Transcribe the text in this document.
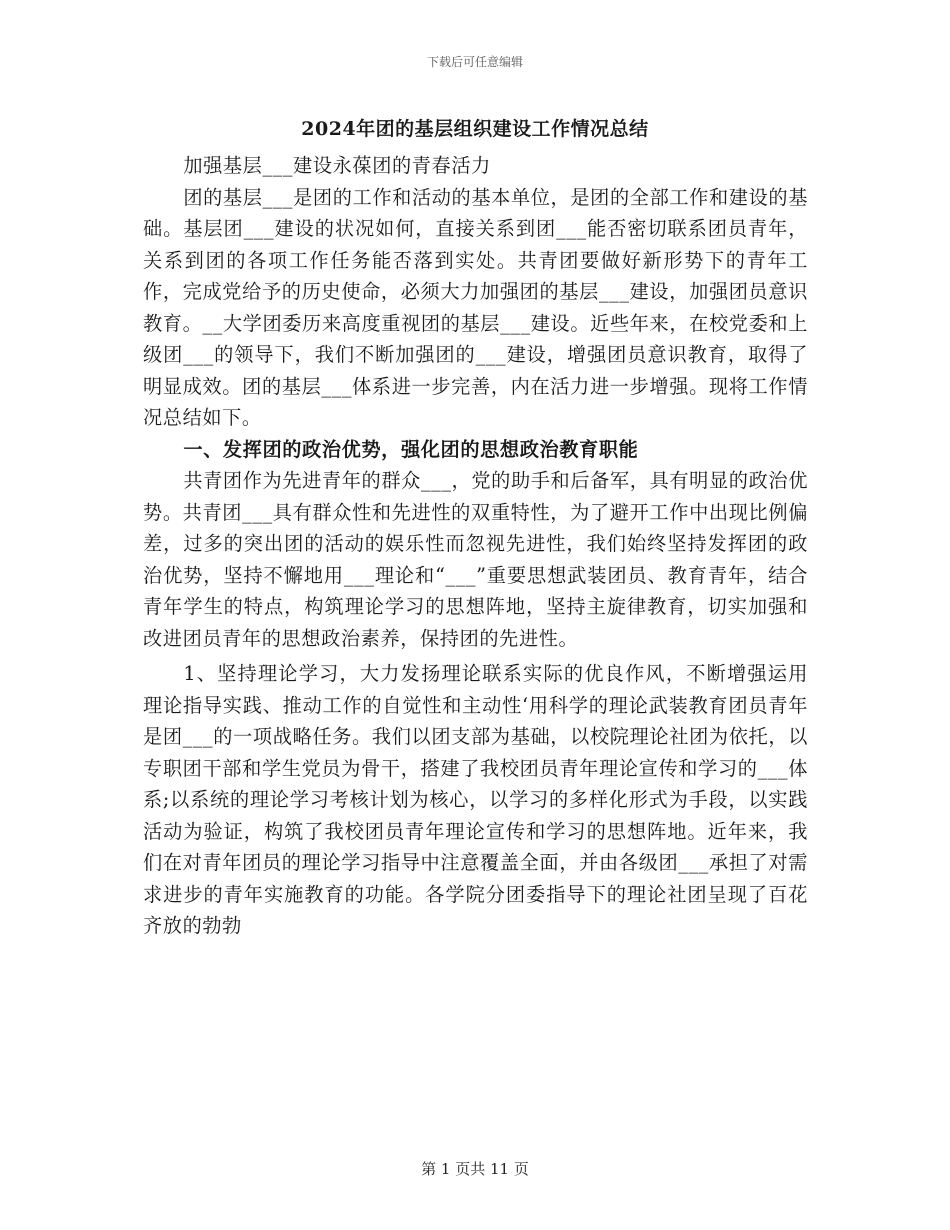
下载后可任意编辑
2024年团的基层组织建设工作情况总结

加强基层___建设永葆团的青春活力

团的基层___是团的工作和活动的基本单位，是团的全部工作和建设的基础。基层团___建设的状况如何，直接关系到团___能否密切联系团员青年，关系到团的各项工作任务能否落到实处。共青团要做好新形势下的青年工作，完成党给予的历史使命，必须大力加强团的基层___建设，加强团员意识教育。__大学团委历来高度重视团的基层___建设。近些年来，在校党委和上级团___的领导下，我们不断加强团的___建设，增强团员意识教育，取得了明显成效。团的基层___体系进一步完善，内在活力进一步增强。现将工作情况总结如下。

一、发挥团的政治优势，强化团的思想政治教育职能

共青团作为先进青年的群众___，党的助手和后备军，具有明显的政治优势。共青团___具有群众性和先进性的双重特性，为了避开工作中出现比例偏差，过多的突出团的活动的娱乐性而忽视先进性，我们始终坚持发挥团的政治优势，坚持不懈地用___理论和“___”重要思想武装团员、教育青年，结合青年学生的特点，构筑理论学习的思想阵地，坚持主旋律教育，切实加强和改进团员青年的思想政治素养，保持团的先进性。

1、坚持理论学习，大力发扬理论联系实际的优良作风，不断增强运用理论指导实践、推动工作的自觉性和主动性‘用科学的理论武装教育团员青年是团___的一项战略任务。我们以团支部为基础，以校院理论社团为依托，以专职团干部和学生党员为骨干，搭建了我校团员青年理论宣传和学习的___体系;以系统的理论学习考核计划为核心，以学习的多样化形式为手段，以实践活动为验证，构筑了我校团员青年理论宣传和学习的思想阵地。近年来，我们在对青年团员的理论学习指导中注意覆盖全面，并由各级团___承担了对需求进步的青年实施教育的功能。各学院分团委指导下的理论社团呈现了百花齐放的勃勃

第 1 页共 11 页
